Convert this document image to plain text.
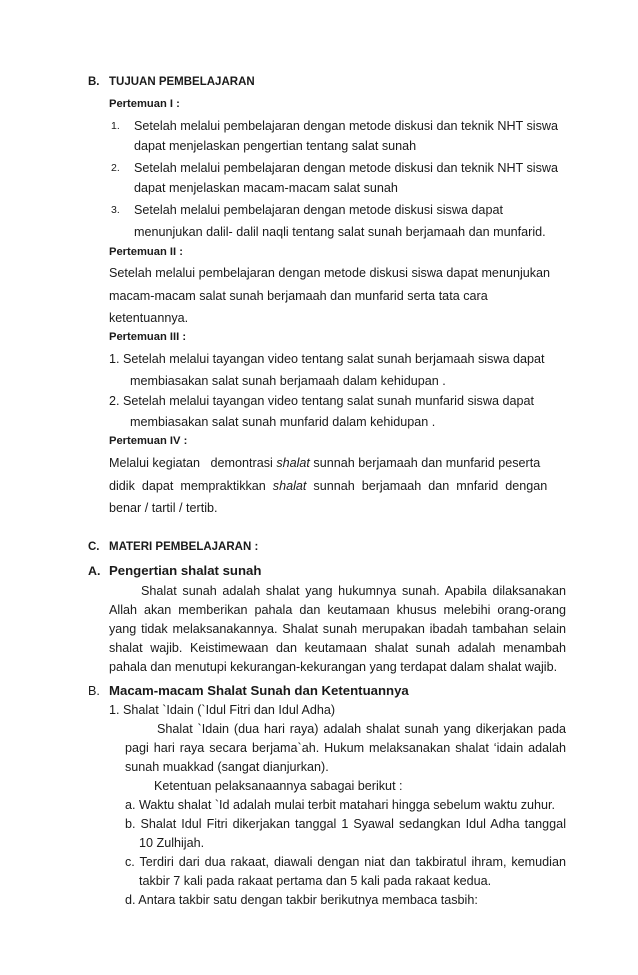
B. TUJUAN PEMBELAJARAN
Pertemuan I :
1. Setelah melalui pembelajaran dengan metode diskusi dan teknik NHT siswa
dapat menjelaskan pengertian tentang salat sunah
2. Setelah melalui pembelajaran dengan metode diskusi dan teknik NHT siswa
dapat menjelaskan macam-macam salat sunah
3. Setelah melalui pembelajaran dengan metode diskusi siswa dapat
menunjukan dalil- dalil naqli tentang salat sunah berjamaah dan munfarid.
Pertemuan II :
Setelah melalui pembelajaran dengan metode diskusi siswa dapat menunjukan
macam-macam salat sunah berjamaah dan munfarid serta tata cara
ketentuannya.
Pertemuan III :
1. Setelah melalui tayangan video tentang salat sunah berjamaah siswa dapat
membiasakan salat sunah berjamaah dalam kehidupan .
2. Setelah melalui tayangan video tentang salat sunah munfarid siswa dapat
membiasakan salat sunah munfarid dalam kehidupan .
Pertemuan IV :
Melalui kegiatan   demontrasi shalat sunnah berjamaah dan munfarid peserta
didik  dapat  mempraktikkan  shalat  sunnah  berjamaah  dan  mnfarid  dengan
benar / tartil / tertib.
C. MATERI PEMBELAJARAN :
A. Pengertian shalat sunah
Shalat sunah adalah shalat yang hukumnya sunah. Apabila dilaksanakan
Allah akan memberikan pahala dan keutamaan khusus melebihi orang-orang
yang tidak melaksanakannya. Shalat sunah merupakan ibadah tambahan selain
shalat wajib. Keistimewaan dan keutamaan shalat sunah adalah menambah
pahala dan menutupi kekurangan-kekurangan yang terdapat dalam shalat wajib.
B. Macam-macam Shalat Sunah dan Ketentuannya
1. Shalat `Idain (`Idul Fitri dan Idul Adha)
Shalat `Idain (dua hari raya) adalah shalat sunah yang dikerjakan pada
pagi hari raya secara berjama`ah. Hukum melaksanakan shalat ‘idain adalah
sunah muakkad (sangat dianjurkan).
Ketentuan pelaksanaannya sabagai berikut :
a. Waktu shalat `Id adalah mulai terbit matahari hingga sebelum waktu zuhur.
b. Shalat Idul Fitri dikerjakan tanggal 1 Syawal sedangkan Idul Adha tanggal
10 Zulhijah.
c. Terdiri dari dua rakaat, diawali dengan niat dan takbiratul ihram, kemudian
takbir 7 kali pada rakaat pertama dan 5 kali pada rakaat kedua.
d. Antara takbir satu dengan takbir berikutnya membaca tasbih:
